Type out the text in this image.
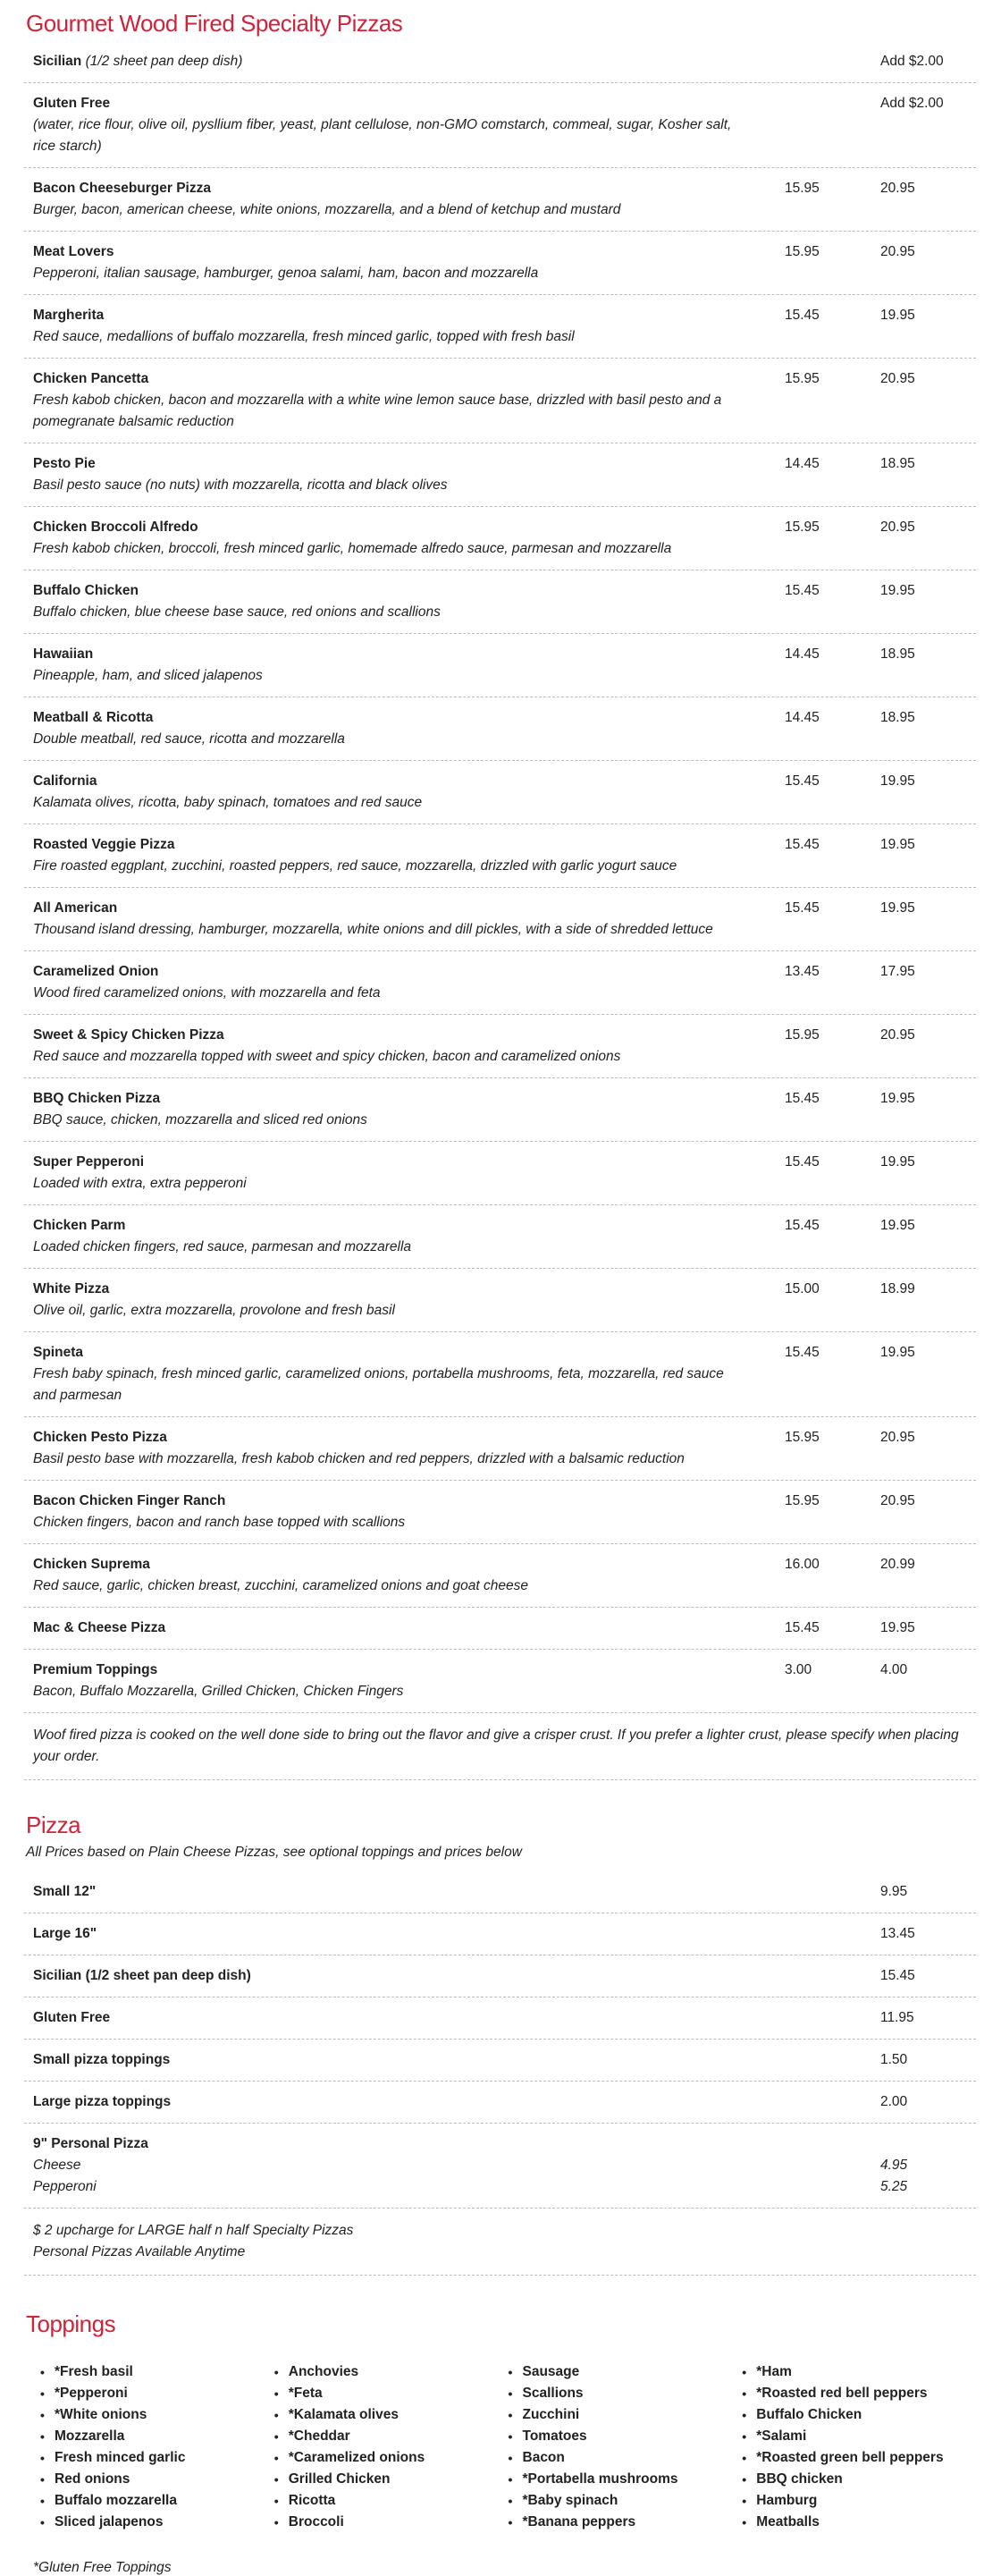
Gourmet Wood Fired Specialty Pizzas
Sicilian (1/2 sheet pan deep dish)	Add $2.00
Gluten Free
(water, rice flour, olive oil, pysllium fiber, yeast, plant cellulose, non-GMO comstarch, commeal, sugar, Kosher salt, rice starch)
Add $2.00
Bacon Cheeseburger Pizza
Burger, bacon, american cheese, white onions, mozzarella, and a blend of ketchup and mustard
15.95	20.95
Meat Lovers
Pepperoni, italian sausage, hamburger, genoa salami, ham, bacon and mozzarella
15.95	20.95
Margherita
Red sauce, medallions of buffalo mozzarella, fresh minced garlic, topped with fresh basil
15.45	19.95
Chicken Pancetta
Fresh kabob chicken, bacon and mozzarella with a white wine lemon sauce base, drizzled with basil pesto and a pomegranate balsamic reduction
15.95	20.95
Pesto Pie
Basil pesto sauce (no nuts) with mozzarella, ricotta and black olives
14.45	18.95
Chicken Broccoli Alfredo
Fresh kabob chicken, broccoli, fresh minced garlic, homemade alfredo sauce, parmesan and mozzarella
15.95	20.95
Buffalo Chicken
Buffalo chicken, blue cheese base sauce, red onions and scallions
15.45	19.95
Hawaiian
Pineapple, ham, and sliced jalapenos
14.45	18.95
Meatball & Ricotta
Double meatball, red sauce, ricotta and mozzarella
14.45	18.95
California
Kalamata olives, ricotta, baby spinach, tomatoes and red sauce
15.45	19.95
Roasted Veggie Pizza
Fire roasted eggplant, zucchini, roasted peppers, red sauce, mozzarella, drizzled with garlic yogurt sauce
15.45	19.95
All American
Thousand island dressing, hamburger, mozzarella, white onions and dill pickles, with a side of shredded lettuce
15.45	19.95
Caramelized Onion
Wood fired caramelized onions, with mozzarella and feta
13.45	17.95
Sweet & Spicy Chicken Pizza
Red sauce and mozzarella topped with sweet and spicy chicken, bacon and caramelized onions
15.95	20.95
BBQ Chicken Pizza
BBQ sauce, chicken, mozzarella and sliced red onions
15.45	19.95
Super Pepperoni
Loaded with extra, extra pepperoni
15.45	19.95
Chicken Parm
Loaded chicken fingers, red sauce, parmesan and mozzarella
15.45	19.95
White Pizza
Olive oil, garlic, extra mozzarella, provolone and fresh basil
15.00	18.99
Spineta
Fresh baby spinach, fresh minced garlic, caramelized onions, portabella mushrooms, feta, mozzarella, red sauce and parmesan
15.45	19.95
Chicken Pesto Pizza
Basil pesto base with mozzarella, fresh kabob chicken and red peppers, drizzled with a balsamic reduction
15.95	20.95
Bacon Chicken Finger Ranch
Chicken fingers, bacon and ranch base topped with scallions
15.95	20.95
Chicken Suprema
Red sauce, garlic, chicken breast, zucchini, caramelized onions and goat cheese
16.00	20.99
Mac & Cheese Pizza	15.45	19.95
Premium Toppings
Bacon, Buffalo Mozzarella, Grilled Chicken, Chicken Fingers
3.00	4.00
Woof fired pizza is cooked on the well done side to bring out the flavor and give a crisper crust. If you prefer a lighter crust, please specify when placing your order.
Pizza
All Prices based on Plain Cheese Pizzas, see optional toppings and prices below
Small 12"	9.95
Large 16"	13.45
Sicilian (1/2 sheet pan deep dish)	15.45
Gluten Free	11.95
Small pizza toppings	1.50
Large pizza toppings	2.00
9" Personal Pizza
Cheese	4.95
Pepperoni	5.25
$ 2 upcharge for LARGE half n half Specialty Pizzas
Personal Pizzas Available Anytime
Toppings
• *Fresh basil
• *Pepperoni
• *White onions
• Mozzarella
• Fresh minced garlic
• Red onions
• Buffalo mozzarella
• Sliced jalapenos
• Anchovies
• *Feta
• *Kalamata olives
• *Cheddar
• *Caramelized onions
• Grilled Chicken
• Ricotta
• Broccoli
• Sausage
• Scallions
• Zucchini
• Tomatoes
• Bacon
• *Portabella mushrooms
• *Baby spinach
• *Banana peppers
• *Ham
• *Roasted red bell peppers
• Buffalo Chicken
• *Salami
• *Roasted green bell peppers
• BBQ chicken
• Hamburg
• Meatballs
*Gluten Free Toppings
